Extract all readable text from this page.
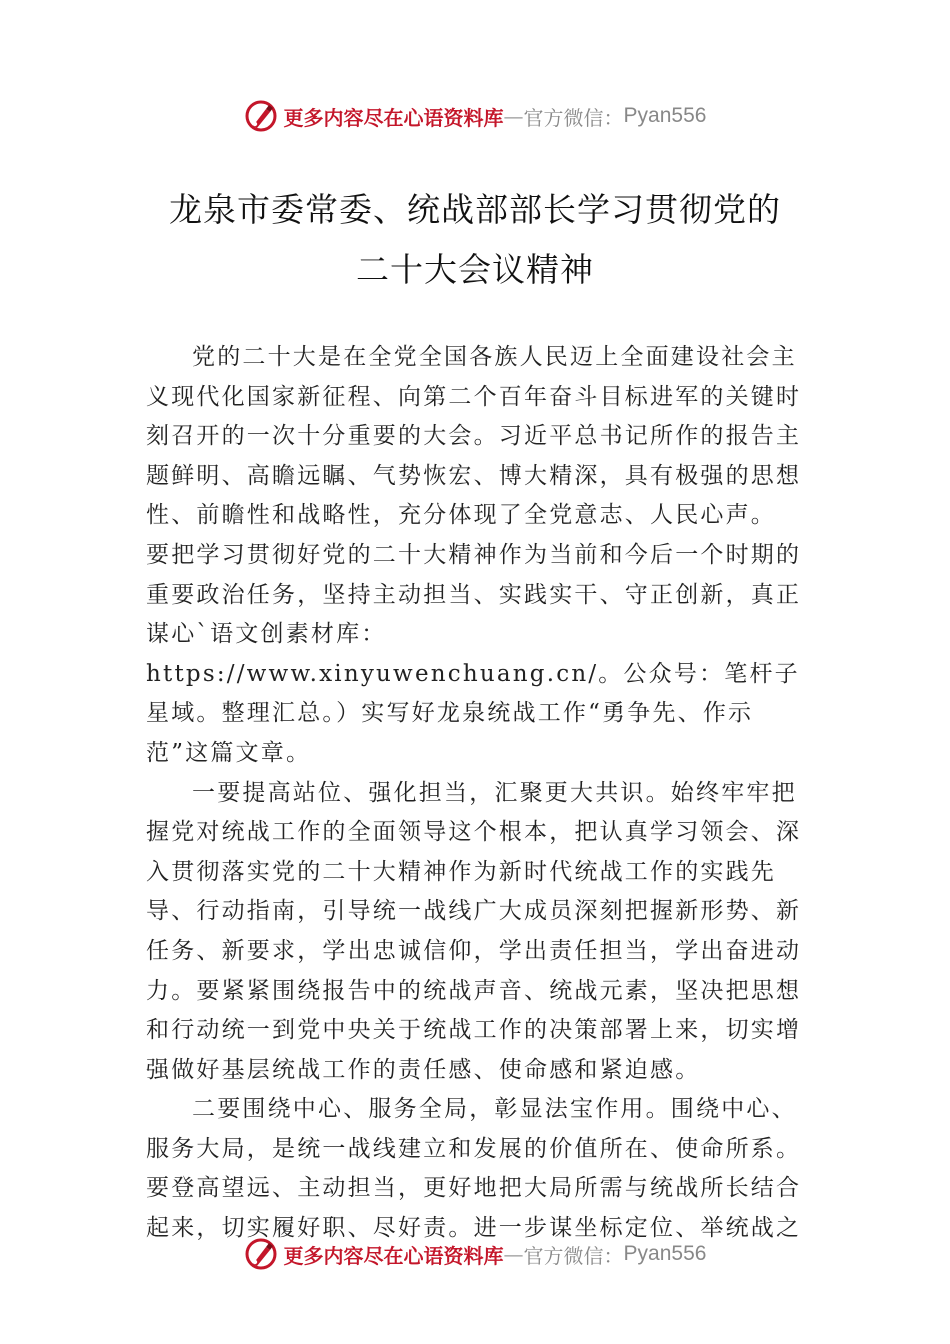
更多内容尽在心语资料库 — 官方微信： Pyan556
龙泉市委常委、统战部部长学习贯彻党的
二十大会议精神

党的二十大是在全党全国各族人民迈上全面建设社会主义现代化国家新征程、向第二个百年奋斗目标进军的关键时刻召开的一次十分重要的大会。习近平总书记所作的报告主题鲜明、高瞻远瞩、气势恢宏、博大精深，具有极强的思想性、前瞻性和战略性，充分体现了全党意志、人民心声。

要把学习贯彻好党的二十大精神作为当前和今后一个时期的重要政治任务，坚持主动担当、实践实干、守正创新，真正谋心`语文创素材库：https://www.xinyuwenchuang.cn/。公众号：笔杆子星域。整理汇总。）实写好龙泉统战工作“勇争先、作示范”这篇文章。

一要提高站位、强化担当，汇聚更大共识。始终牢牢把握党对统战工作的全面领导这个根本，把认真学习领会、深入贯彻落实党的二十大精神作为新时代统战工作的实践先导、行动指南，引导统一战线广大成员深刻把握新形势、新任务、新要求，学出忠诚信仰，学出责任担当，学出奋进动力。要紧紧围绕报告中的统战声音、统战元素，坚决把思想和行动统一到党中央关于统战工作的决策部署上来，切实增强做好基层统战工作的责任感、使命感和紧迫感。

二要围绕中心、服务全局，彰显法宝作用。围绕中心、服务大局，是统一战线建立和发展的价值所在、使命所系。 要登高望远、主动担当，更好地把大局所需与统战所长结合起来，切实履好职、尽好责。进一步谋坐标定位、举统战之

更多内容尽在心语资料库 — 官方微信： Pyan556
